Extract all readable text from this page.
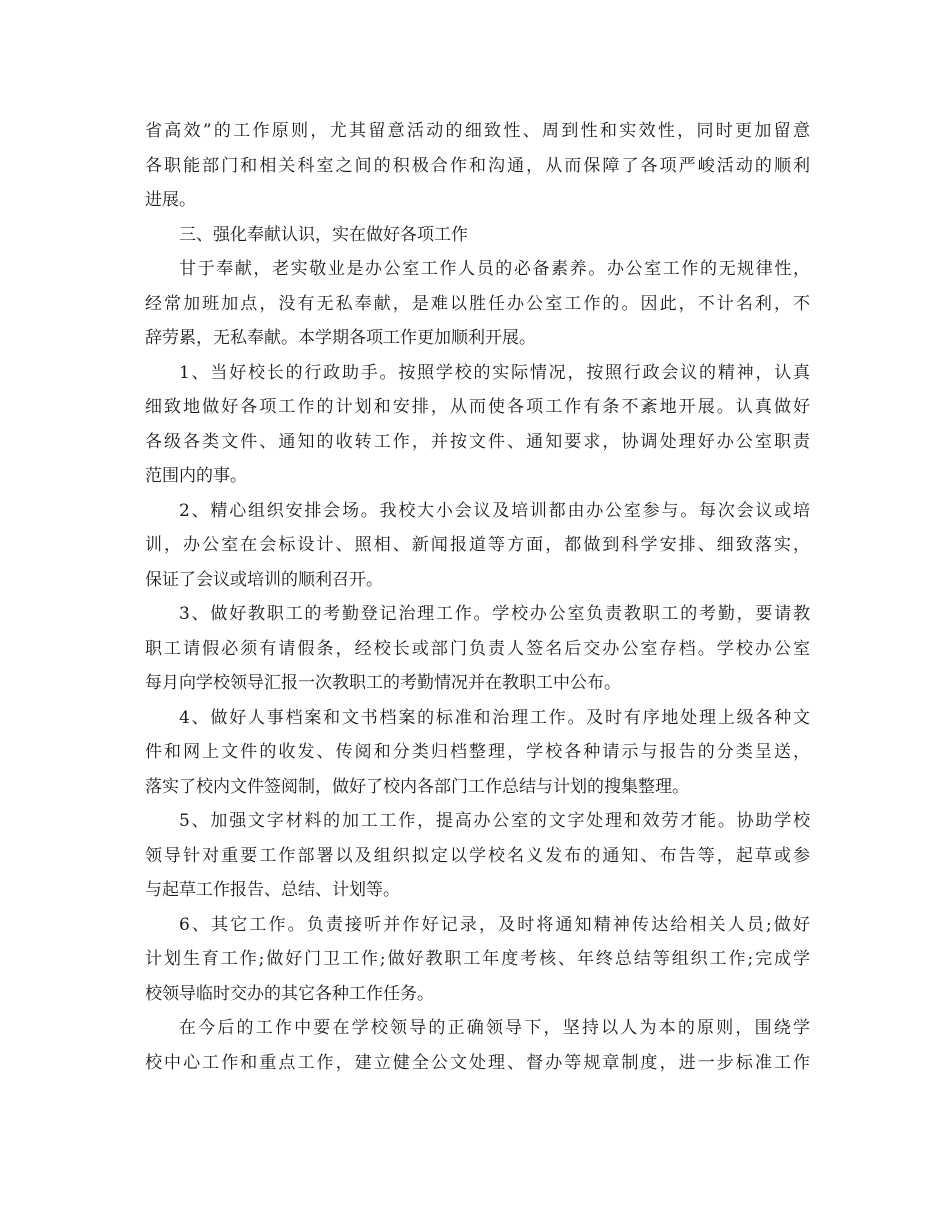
省高效”的工作原则，尤其留意活动的细致性、周到性和实效性，同时更加留意
各职能部门和相关科室之间的积极合作和沟通，从而保障了各项严峻活动的顺利
进展。
三、强化奉献认识，实在做好各项工作
甘于奉献，老实敬业是办公室工作人员的必备素养。办公室工作的无规律性，
经常加班加点，没有无私奉献，是难以胜任办公室工作的。因此，不计名利，不
辞劳累，无私奉献。本学期各项工作更加顺利开展。
1、当好校长的行政助手。按照学校的实际情况，按照行政会议的精神，认真
细致地做好各项工作的计划和安排，从而使各项工作有条不紊地开展。认真做好
各级各类文件、通知的收转工作，并按文件、通知要求，协调处理好办公室职责
范围内的事。
2、精心组织安排会场。我校大小会议及培训都由办公室参与。每次会议或培
训，办公室在会标设计、照相、新闻报道等方面，都做到科学安排、细致落实，
保证了会议或培训的顺利召开。
3、做好教职工的考勤登记治理工作。学校办公室负责教职工的考勤，要请教
职工请假必须有请假条，经校长或部门负责人签名后交办公室存档。学校办公室
每月向学校领导汇报一次教职工的考勤情况并在教职工中公布。
4、做好人事档案和文书档案的标准和治理工作。及时有序地处理上级各种文
件和网上文件的收发、传阅和分类归档整理，学校各种请示与报告的分类呈送，
落实了校内文件签阅制，做好了校内各部门工作总结与计划的搜集整理。
5、加强文字材料的加工工作，提高办公室的文字处理和效劳才能。协助学校
领导针对重要工作部署以及组织拟定以学校名义发布的通知、布告等，起草或参
与起草工作报告、总结、计划等。
6、其它工作。负责接听并作好记录，及时将通知精神传达给相关人员;做好
计划生育工作;做好门卫工作;做好教职工年度考核、年终总结等组织工作;完成学
校领导临时交办的其它各种工作任务。
在今后的工作中要在学校领导的正确领导下，坚持以人为本的原则，围绕学
校中心工作和重点工作，建立健全公文处理、督办等规章制度，进一步标准工作
